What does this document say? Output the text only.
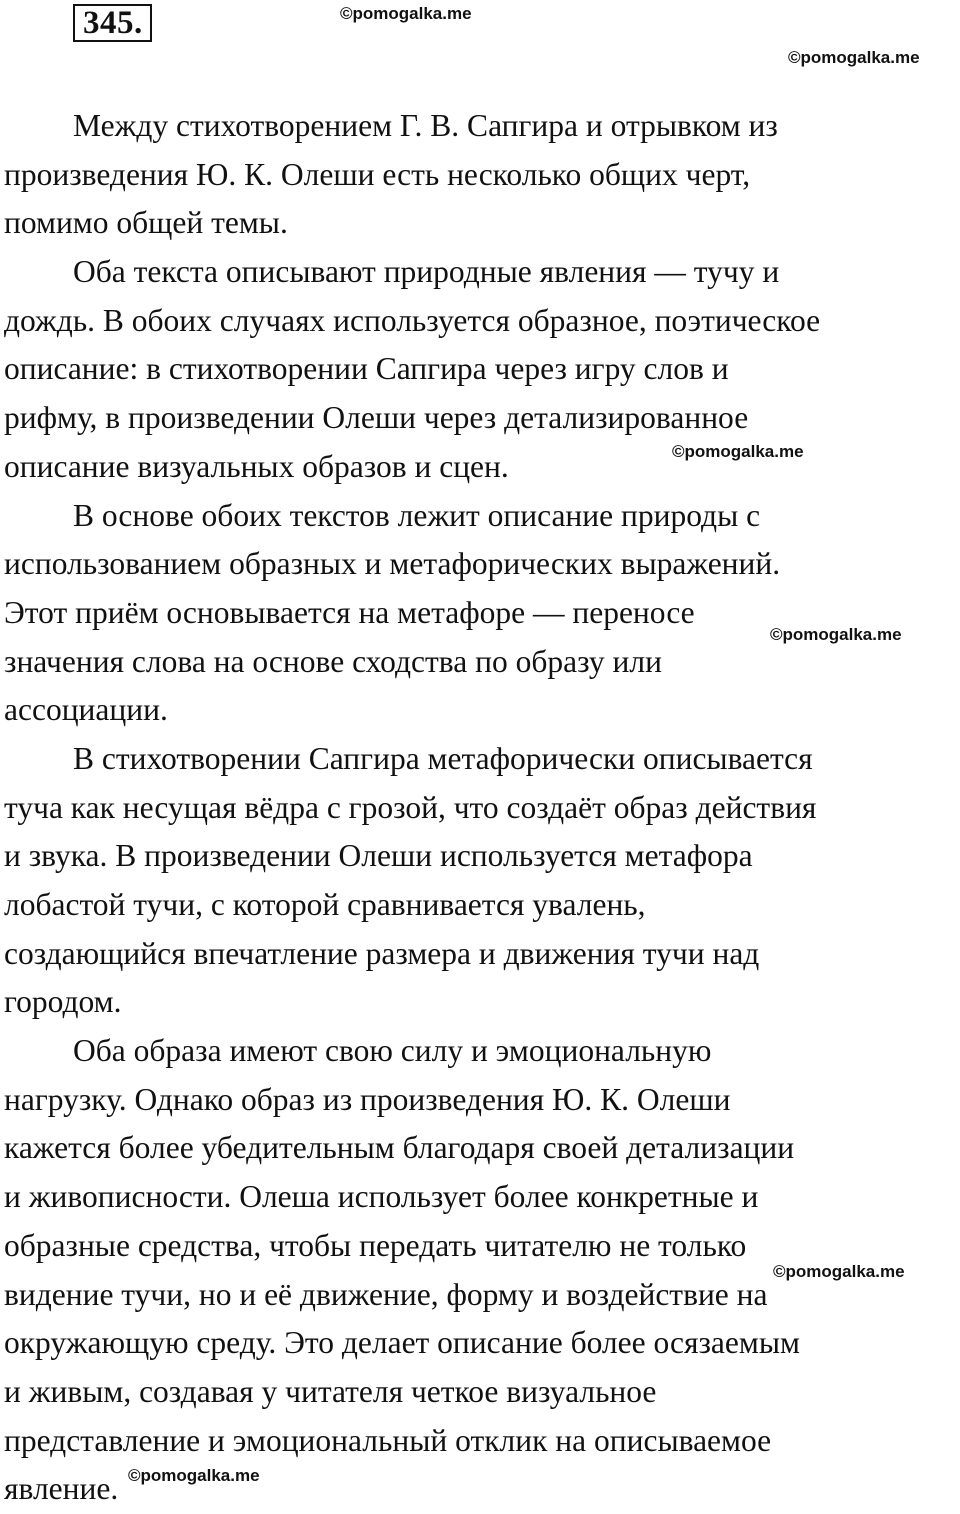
345.	©pomogalka.me
©pomogalka.me
Между стихотворением Г. В. Сапгира и отрывком из
произведения Ю. К. Олеши есть несколько общих черт,
помимо общей темы.
Оба текста описывают природные явления — тучу и
дождь. В обоих случаях используется образное, поэтическое
описание: в стихотворении Сапгира через игру слов и
рифму, в произведении Олеши через детализированное
описание визуальных образов и сцен.
В основе обоих текстов лежит описание природы с
использованием образных и метафорических выражений.
Этот приём основывается на метафоре — переносе
значения слова на основе сходства по образу или
ассоциации.
В стихотворении Сапгира метафорически описывается
туча как несущая вёдра с грозой, что создаёт образ действия
и звука. В произведении Олеши используется метафора
лобастой тучи, с которой сравнивается увалень,
создающийся впечатление размера и движения тучи над
городом.
Оба образа имеют свою силу и эмоциональную
нагрузку. Однако образ из произведения Ю. К. Олеши
кажется более убедительным благодаря своей детализации
и живописности. Олеша использует более конкретные и
образные средства, чтобы передать читателю не только
видение тучи, но и её движение, форму и воздействие на
окружающую среду. Это делает описание более осязаемым
и живым, создавая у читателя четкое визуальное
представление и эмоциональный отклик на описываемое
явление.
©pomogalka.me
©pomogalka.me
©pomogalka.me
©pomogalka.me
